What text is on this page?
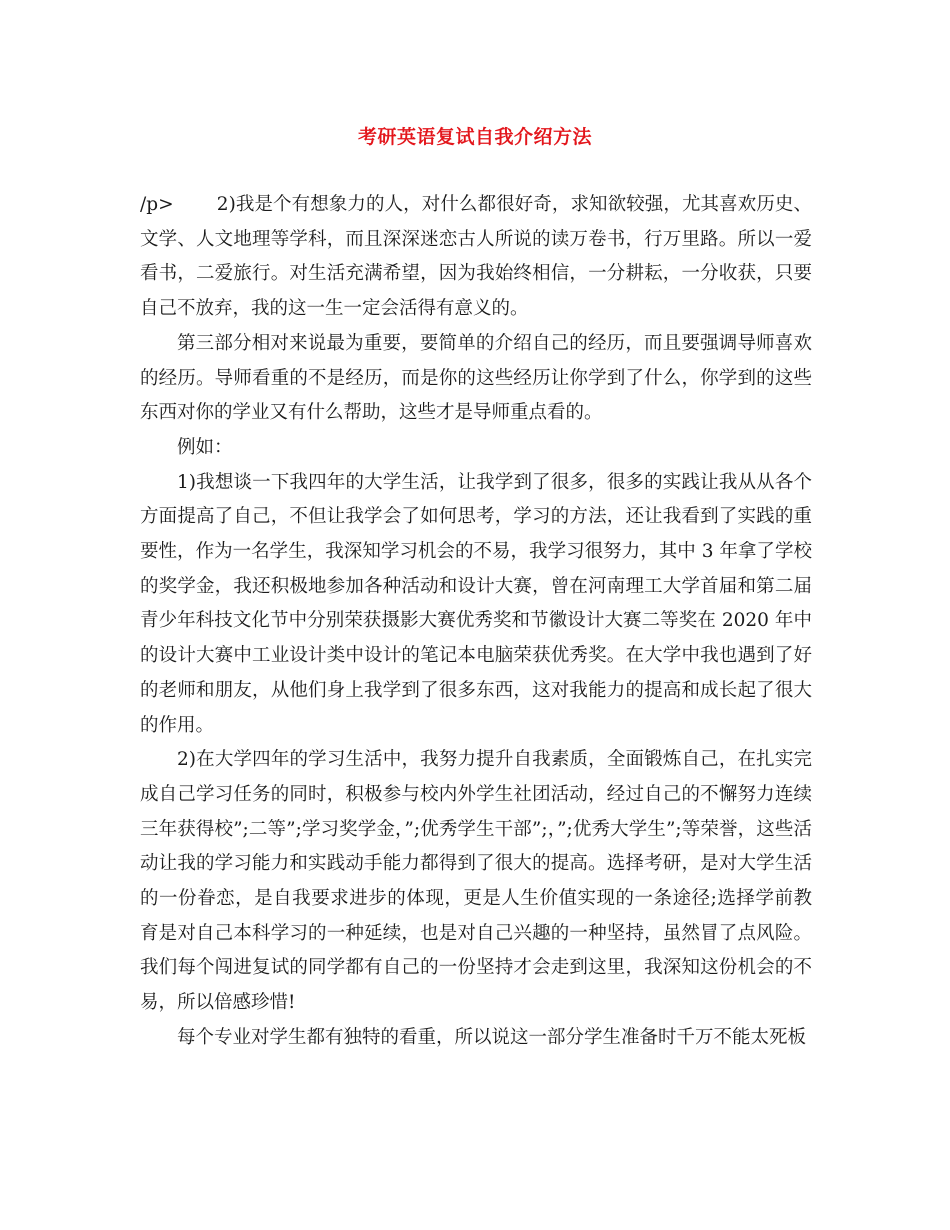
考研英语复试自我介绍方法

/p>　　 2)我是个有想象力的人，对什么都很好奇，求知欲较强，尤其喜欢历史、文学、人文地理等学科，而且深深迷恋古人所说的读万卷书，行万里路。所以一爱看书，二爱旅行。对生活充满希望，因为我始终相信，一分耕耘，一分收获，只要自己不放弃，我的这一生一定会活得有意义的。

第三部分相对来说最为重要，要简单的介绍自己的经历，而且要强调导师喜欢的经历。导师看重的不是经历，而是你的这些经历让你学到了什么，你学到的这些东西对你的学业又有什么帮助，这些才是导师重点看的。

例如：

1)我想谈一下我四年的大学生活，让我学到了很多，很多的实践让我从从各个方面提高了自己，不但让我学会了如何思考，学习的方法，还让我看到了实践的重要性，作为一名学生，我深知学习机会的不易，我学习很努力，其中 3 年拿了学校的奖学金，我还积极地参加各种活动和设计大赛，曾在河南理工大学首届和第二届青少年科技文化节中分别荣获摄影大赛优秀奖和节徽设计大赛二等奖在 2020 年中的设计大赛中工业设计类中设计的笔记本电脑荣获优秀奖。在大学中我也遇到了好的老师和朋友，从他们身上我学到了很多东西，这对我能力的提高和成长起了很大的作用。

2)在大学四年的学习生活中，我努力提升自我素质，全面锻炼自己，在扎实完成自己学习任务的同时，积极参与校内外学生社团活动，经过自己的不懈努力连续三年获得校”;二等”;学习奖学金，”;优秀学生干部”;，”;优秀大学生”;等荣誉，这些活动让我的学习能力和实践动手能力都得到了很大的提高。选择考研，是对大学生活的一份眷恋，是自我要求进步的体现，更是人生价值实现的一条途径;选择学前教育是对自己本科学习的一种延续，也是对自己兴趣的一种坚持，虽然冒了点风险。我们每个闯进复试的同学都有自己的一份坚持才会走到这里，我深知这份机会的不易，所以倍感珍惜!

每个专业对学生都有独特的看重，所以说这一部分学生准备时千万不能太死板
